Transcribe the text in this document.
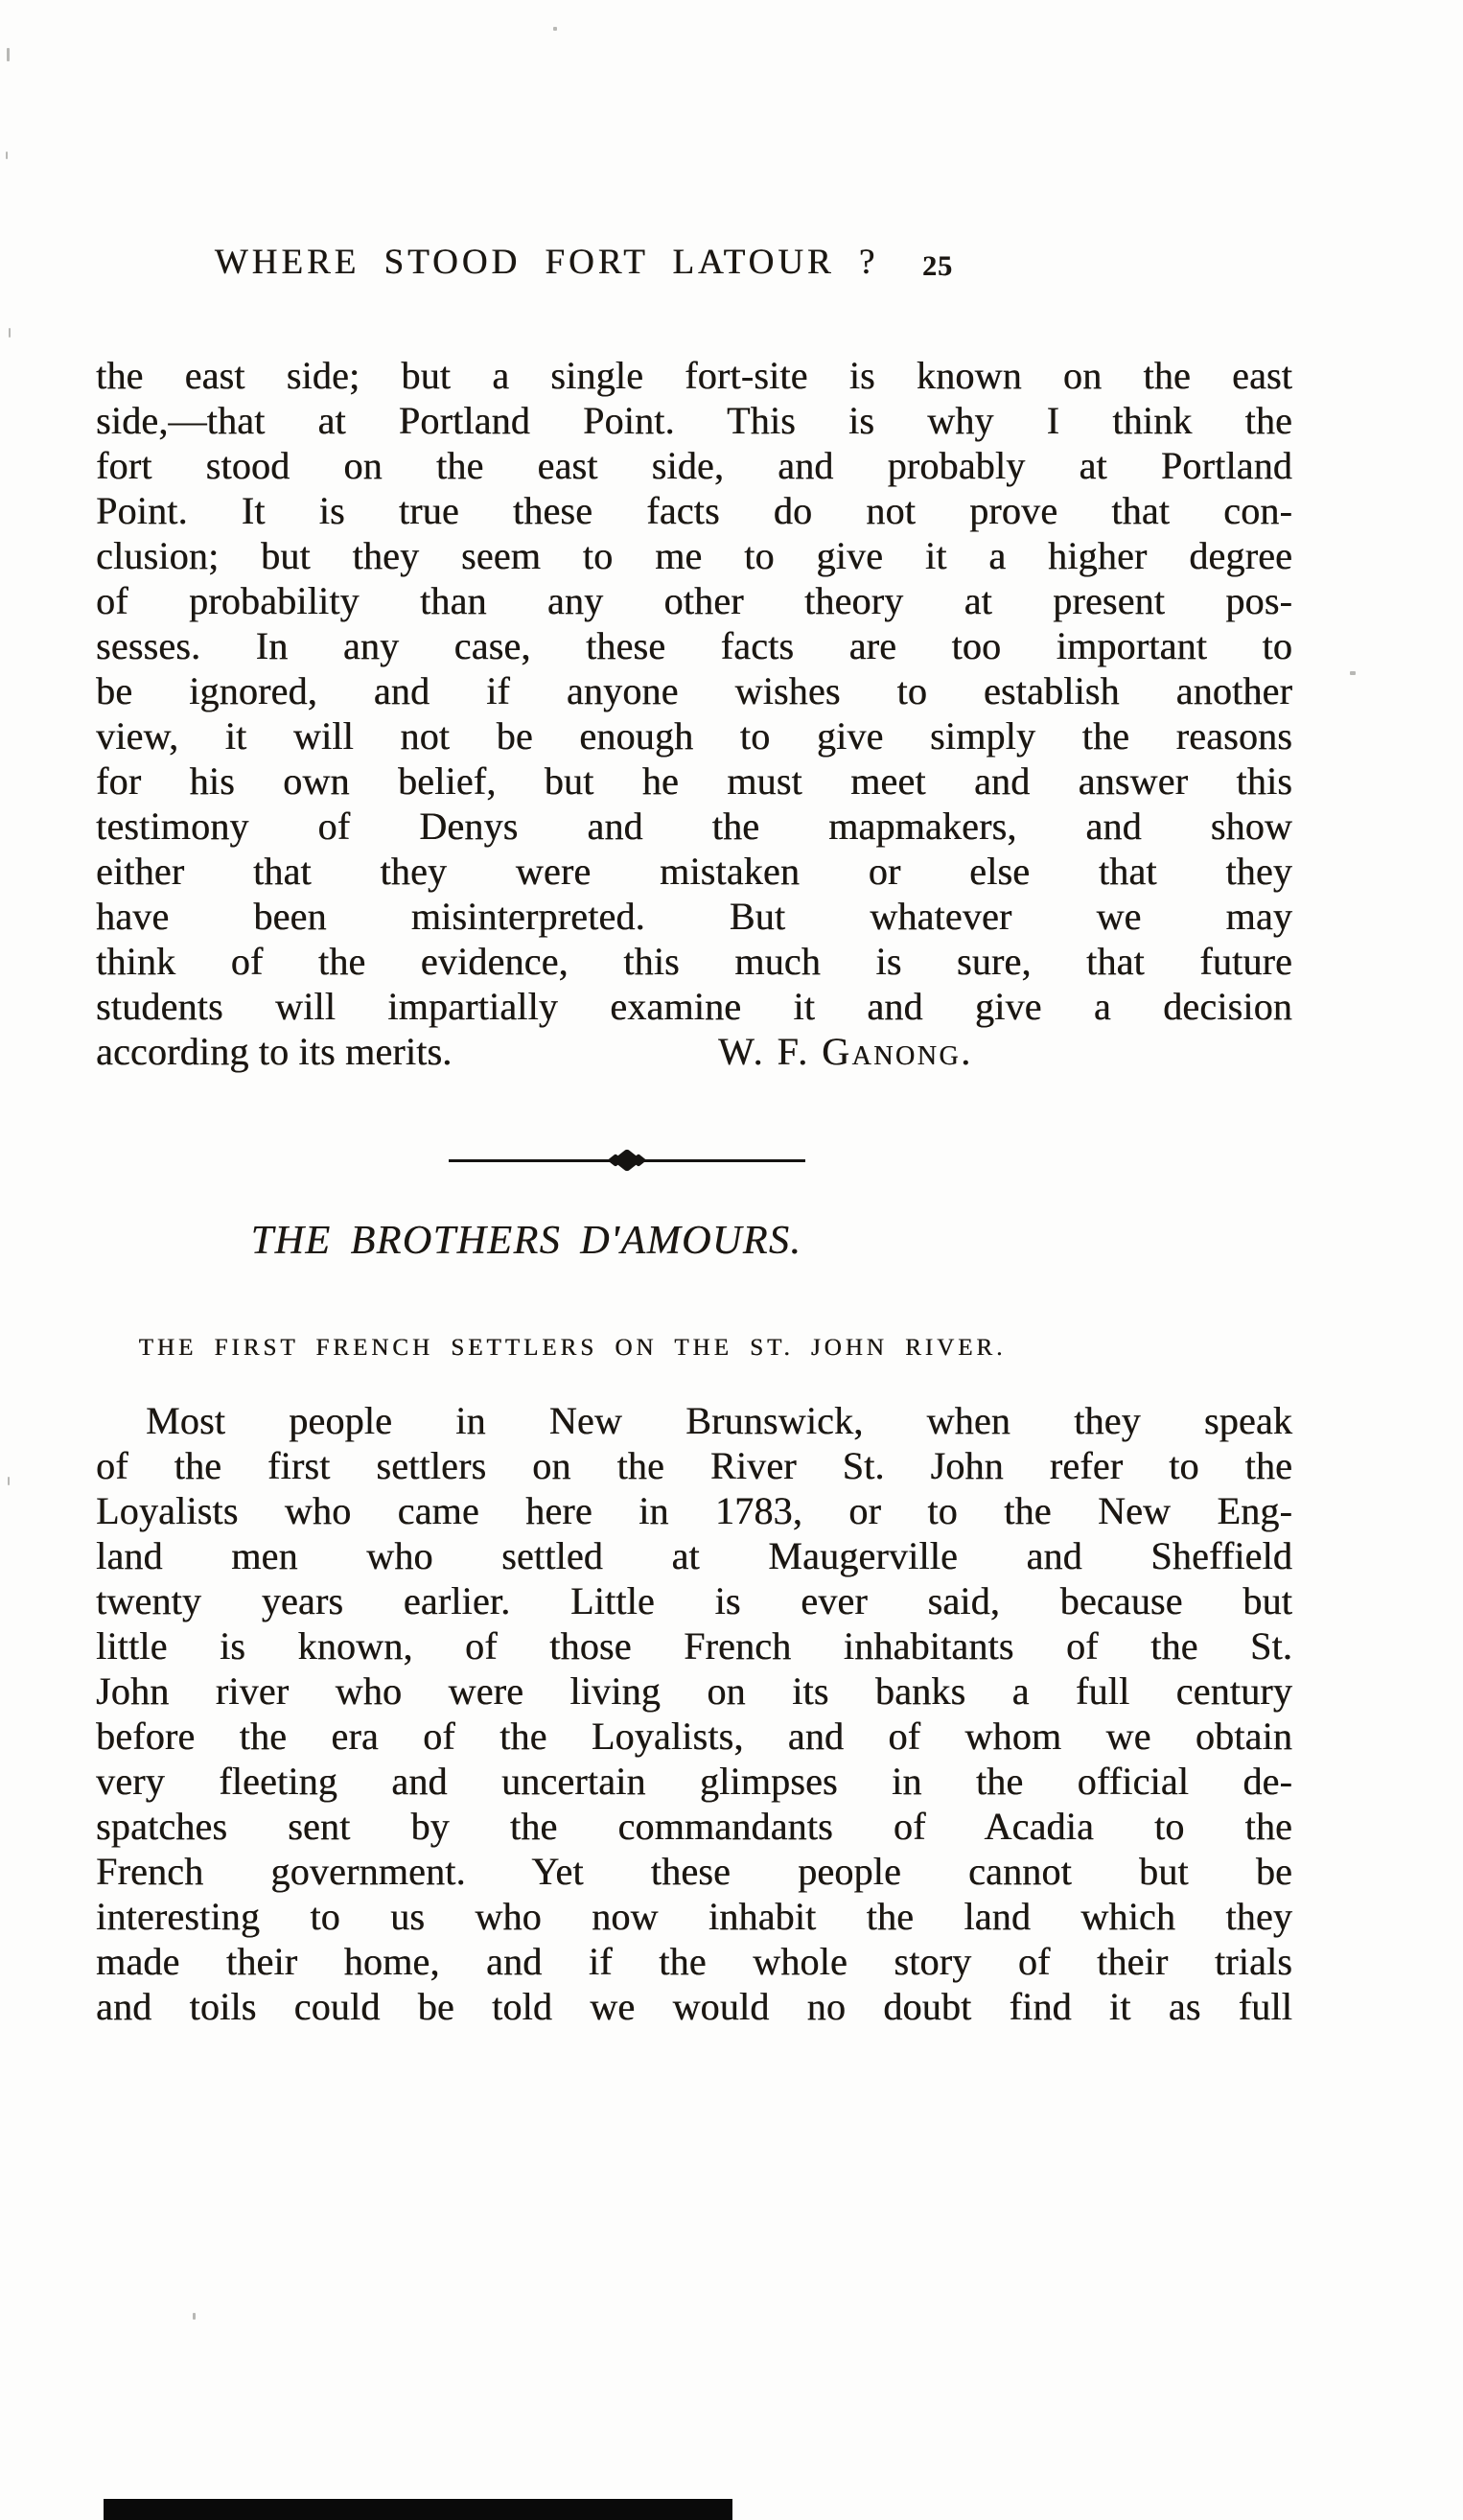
WHERE STOOD FORT LATOUR ?	25
the east side; but a single fort-site is known on the east
side,—that at Portland Point. This is why I think the
fort stood on the east side, and probably at Portland
Point. It is true these facts do not prove that con-
clusion; but they seem to me to give it a higher degree
of probability than any other theory at present pos-
sesses. In any case, these facts are too important to
be ignored, and if anyone wishes to establish another
view, it will not be enough to give simply the reasons
for his own belief, but he must meet and answer this
testimony of Denys and the mapmakers, and show
either that they were mistaken or else that they
have been misinterpreted. But whatever we may
think of the evidence, this much is sure, that future
students will impartially examine it and give a decision
according to its merits.	W. F. Ganong.
THE BROTHERS D'AMOURS.
THE FIRST FRENCH SETTLERS ON THE ST. JOHN RIVER.
Most people in New Brunswick, when they speak
of the first settlers on the River St. John refer to the
Loyalists who came here in 1783, or to the New Eng-
land men who settled at Maugerville and Sheffield
twenty years earlier. Little is ever said, because but
little is known, of those French inhabitants of the St.
John river who were living on its banks a full century
before the era of the Loyalists, and of whom we obtain
very fleeting and uncertain glimpses in the official de-
spatches sent by the commandants of Acadia to the
French government. Yet these people cannot but be
interesting to us who now inhabit the land which they
made their home, and if the whole story of their trials
and toils could be told we would no doubt find it as full
